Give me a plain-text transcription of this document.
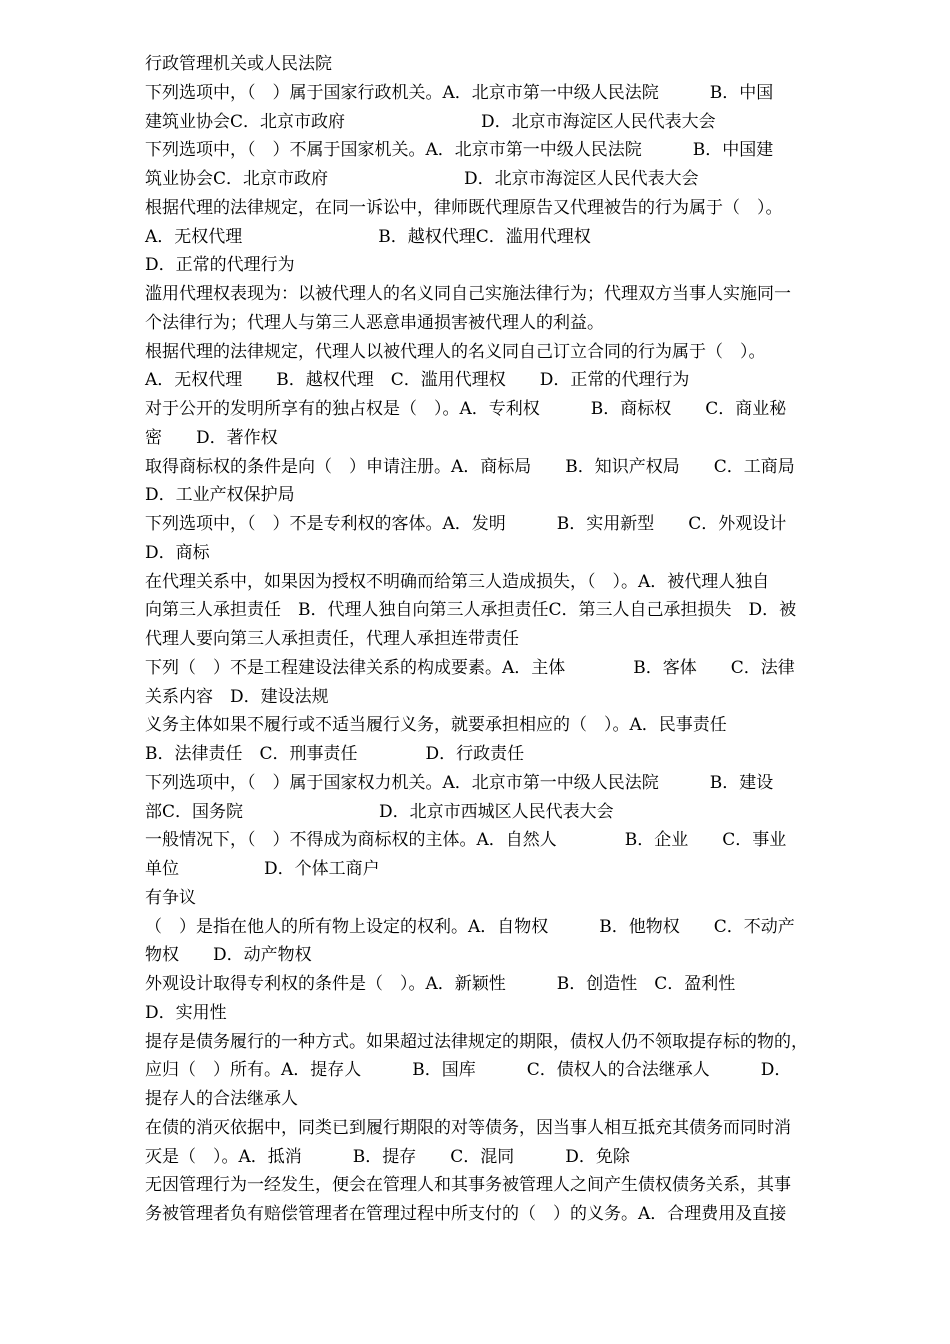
行政管理机关或人民法院
下列选项中，（　）属于国家行政机关。A．北京市第一中级人民法院　　　B．中国
建筑业协会C．北京市政府　　　　　　　　D．北京市海淀区人民代表大会
下列选项中，（　）不属于国家机关。A．北京市第一中级人民法院　　　B．中国建
筑业协会C．北京市政府　　　　　　　　D．北京市海淀区人民代表大会
根据代理的法律规定，在同一诉讼中，律师既代理原告又代理被告的行为属于（　）。
A．无权代理　　　　　　　　B．越权代理C．滥用代理权
D．正常的代理行为
滥用代理权表现为：以被代理人的名义同自己实施法律行为；代理双方当事人实施同一
个法律行为；代理人与第三人恶意串通损害被代理人的利益。
根据代理的法律规定，代理人以被代理人的名义同自己订立合同的行为属于（　）。
A．无权代理　　B．越权代理　C．滥用代理权　　D．正常的代理行为
对于公开的发明所享有的独占权是（　）。A．专利权　　　B．商标权　　C．商业秘
密　　D．著作权
取得商标权的条件是向（　）申请注册。A．商标局　　B．知识产权局　　C．工商局
D．工业产权保护局
下列选项中，（　）不是专利权的客体。A．发明　　　B．实用新型　　C．外观设计
D．商标
在代理关系中，如果因为授权不明确而给第三人造成损失，（　）。A．被代理人独自
向第三人承担责任　B．代理人独自向第三人承担责任C．第三人自己承担损失　D．被
代理人要向第三人承担责任，代理人承担连带责任
下列（　）不是工程建设法律关系的构成要素。A．主体　　　　B．客体　　C．法律
关系内容　D．建设法规
义务主体如果不履行或不适当履行义务，就要承担相应的（　）。A．民事责任
B．法律责任　C．刑事责任　　　　D．行政责任
下列选项中，（　）属于国家权力机关。A．北京市第一中级人民法院　　　B．建设
部C．国务院　　　　　　　　D．北京市西城区人民代表大会
一般情况下，（　）不得成为商标权的主体。A．自然人　　　　B．企业　　C．事业
单位　　　　　D．个体工商户
有争议
（　）是指在他人的所有物上设定的权利。A．自物权　　　B．他物权　　C．不动产
物权　　D．动产物权
外观设计取得专利权的条件是（　）。A．新颖性　　　B．创造性　C．盈利性
D．实用性
提存是债务履行的一种方式。如果超过法律规定的期限，债权人仍不领取提存标的物的，
应归（　）所有。A．提存人　　　B．国库　　　C．债权人的合法继承人　　　D．
提存人的合法继承人
在债的消灭依据中，同类已到履行期限的对等债务，因当事人相互抵充其债务而同时消
灭是（　）。A．抵消　　　B．提存　　C．混同　　　D．免除
无因管理行为一经发生，便会在管理人和其事务被管理人之间产生债权债务关系，其事
务被管理者负有赔偿管理者在管理过程中所支付的（　）的义务。A．合理费用及直接
